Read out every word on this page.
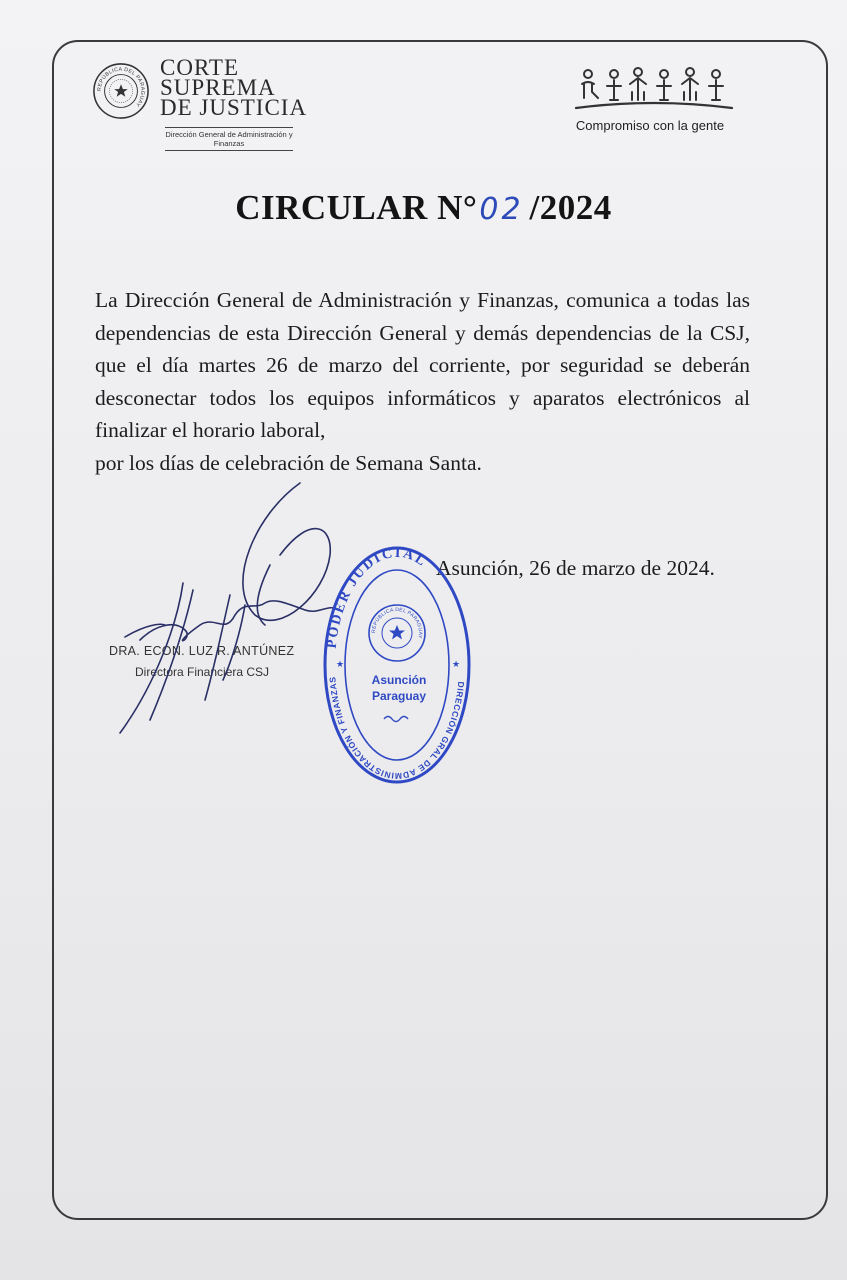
REPÚBLICA DEL PARAGUAY
CORTE
SUPREMA
DE JUSTICIA
Dirección General de Administración y Finanzas
Compromiso con la gente
CIRCULAR N°02 /2024
La Dirección General de Administración y Finanzas, comunica a todas las dependencias de esta Dirección General y demás dependencias de la CSJ, que el día martes 26 de marzo del corriente, por seguridad se deberán desconectar todos los equipos informáticos y aparatos electrónicos al finalizar el horario laboral,
por los días de celebración de Semana Santa.
Asunción, 26 de marzo de 2024.
DRA. ECON. LUZ R. ANTÚNEZ
Directora Financiera CSJ
PODER JUDICIAL
DIRECCIÓN GRAL DE ADMINISTRACIÓN Y FINANZAS
REPÚBLICA DEL PARAGUAY
Asunción
Paraguay
★	★
